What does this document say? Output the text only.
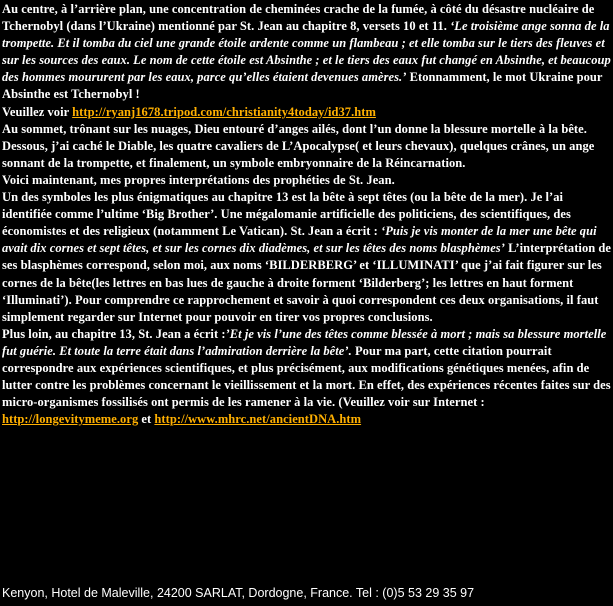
Au centre, à l’arrière plan, une concentration de cheminées crache de la fumée, à côté du désastre nucléaire de Tchernobyl (dans l’Ukraine) mentionné par St. Jean au chapitre 8, versets 10 et 11. ‘Le troisième ange sonna de la trompette. Et il tomba du ciel une grande étoile ardente comme un flambeau ; et elle tomba sur le tiers des fleuves et sur les sources des eaux. Le nom de cette étoile est Absinthe ; et le tiers des eaux fut changé en Absinthe, et beaucoup des hommes moururent par les eaux, parce qu’elles étaient devenues amères.’ Etonnamment, le mot Ukraine pour Absinthe est Tchernobyl !

Veuillez voir http://ryanj1678.tripod.com/christianity4today/id37.htm

Au sommet, trônant sur les nuages, Dieu entouré d’anges ailés, dont l’un donne la blessure mortelle à la bête. Dessous, j’ai caché le Diable, les quatre cavaliers de L’Apocalypse( et leurs chevaux), quelques crânes, un ange sonnant de la trompette, et finalement, un symbole embryonnaire de la Réincarnation.

Voici maintenant, mes propres interprétations des prophéties de St. Jean.

Un des symboles les plus énigmatiques au chapitre 13 est la bête à sept têtes (ou la bête de la mer). Je l’ai identifiée comme l’ultime ‘Big Brother’. Une mégalomanie artificielle des politiciens, des scientifiques, des économistes et des religieux (notamment Le Vatican). St. Jean a écrit : ‘Puis je vis monter de la mer une bête qui avait dix cornes et sept têtes, et sur les cornes dix diadèmes, et sur les têtes des noms blasphèmes’ L’interprétation de ses blasphèmes correspond, selon moi, aux noms ‘BILDERBERG’ et ‘ILLUMINATI’ que j’ai fait figurer sur les cornes de la bête(les lettres en bas lues de gauche à droite forment ‘Bilderberg’; les lettres en haut forment ‘Illuminati’). Pour comprendre ce rapprochement et savoir à quoi correspondent ces deux organisations, il faut simplement regarder sur Internet pour pouvoir en tirer vos propres conclusions.

Plus loin, au chapitre 13, St. Jean a écrit :’Et je vis l’une des têtes comme blessée à mort ; mais sa blessure mortelle fut guérie. Et toute la terre était dans l’admiration derrière la bête’. Pour ma part, cette citation pourrait correspondre aux expériences scientifiques, et plus précisément, aux modifications génétiques menées, afin de lutter contre les problèmes concernant le vieillissement et la mort. En effet, des expériences récentes faites sur des micro-organismes fossilisés ont permis de les ramener à la vie. (Veuillez voir sur Internet : http://longevitymeme.org et http://www.mhrc.net/ancientDNA.htm

Kenyon, Hotel de Maleville, 24200 SARLAT, Dordogne, France. Tel : (0)5 53 29 35 97
